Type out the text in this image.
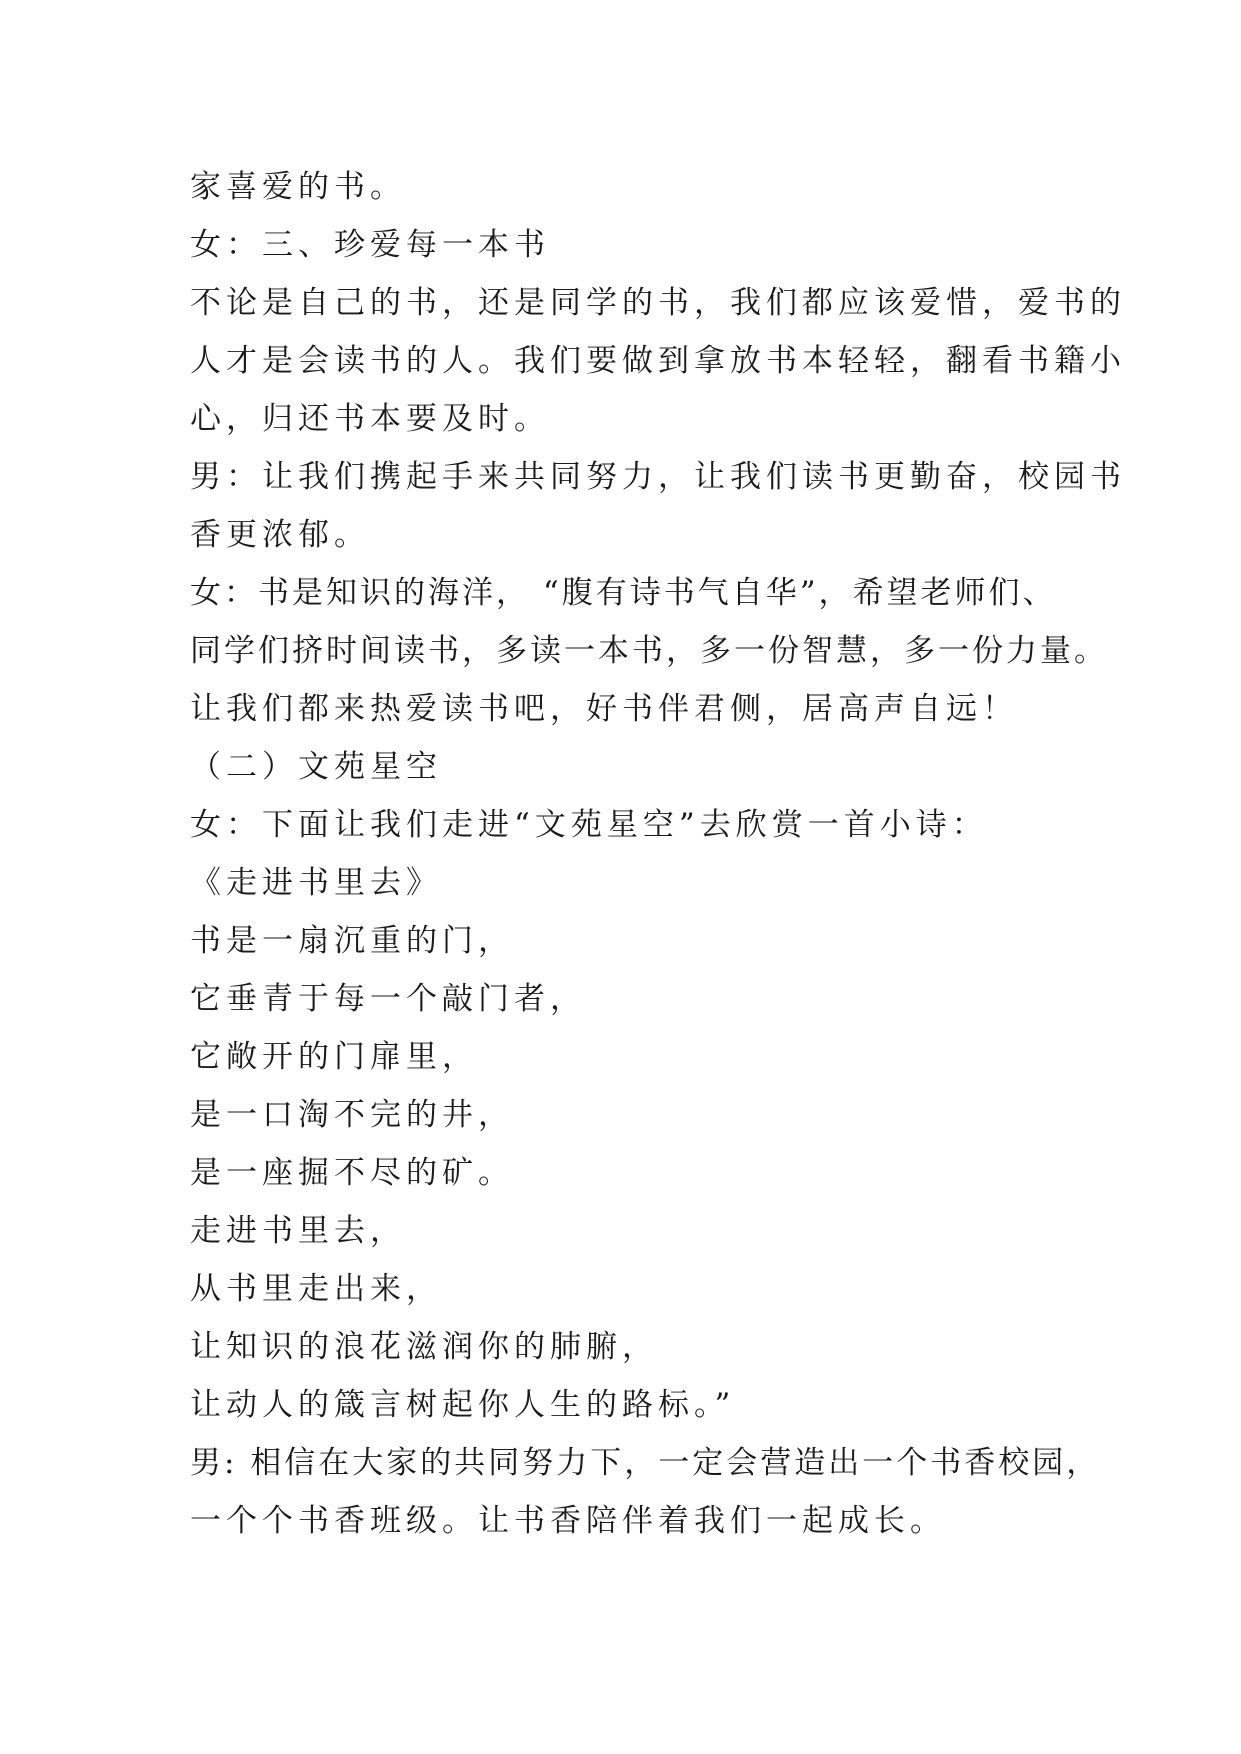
家喜爱的书。
女：三、珍爱每一本书
不论是自己的书，还是同学的书，我们都应该爱惜，爱书的
人才是会读书的人。我们要做到拿放书本轻轻，翻看书籍小
心，归还书本要及时。
男：让我们携起手来共同努力，让我们读书更勤奋，校园书
香更浓郁。
女：书是知识的海洋， “腹有诗书气自华”，希望老师们、
同学们挤时间读书，多读一本书，多一份智慧，多一份力量。
让我们都来热爱读书吧，好书伴君侧，居高声自远！
（二）文苑星空
女：下面让我们走进“文苑星空”去欣赏一首小诗：
《走进书里去》
书是一扇沉重的门，
它垂青于每一个敲门者，
它敞开的门扉里，
是一口淘不完的井，
是一座掘不尽的矿。
走进书里去，
从书里走出来，
让知识的浪花滋润你的肺腑，
让动人的箴言树起你人生的路标。”
男: 相信在大家的共同努力下，一定会营造出一个书香校园，
一个个书香班级。让书香陪伴着我们一起成长。
